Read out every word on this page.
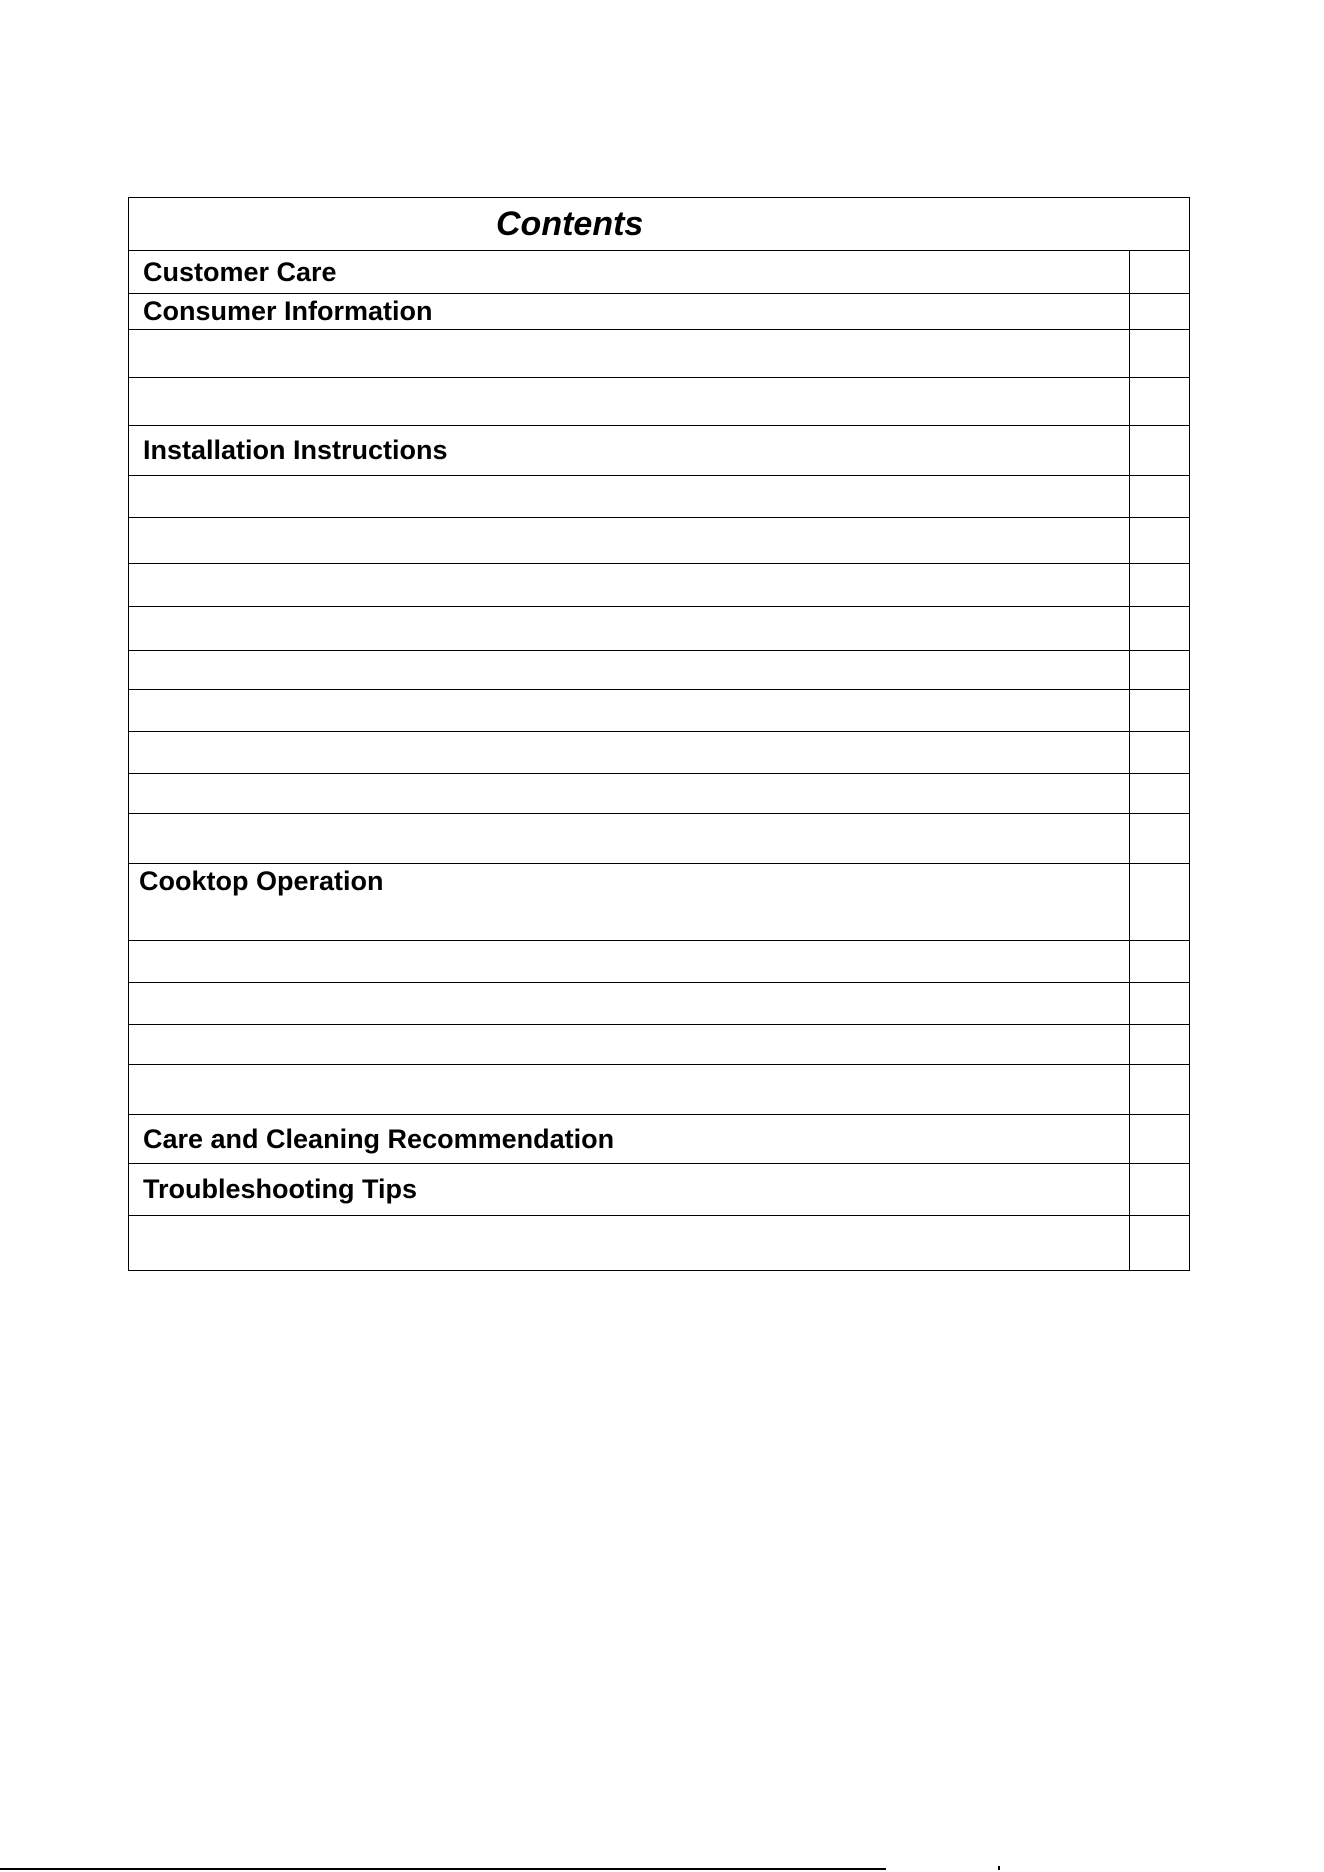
Contents	
Customer Care	
Consumer Information	

Installation Instructions	

Cooktop Operation	

Care and Cleaning Recommendation	
Troubleshooting Tips	
